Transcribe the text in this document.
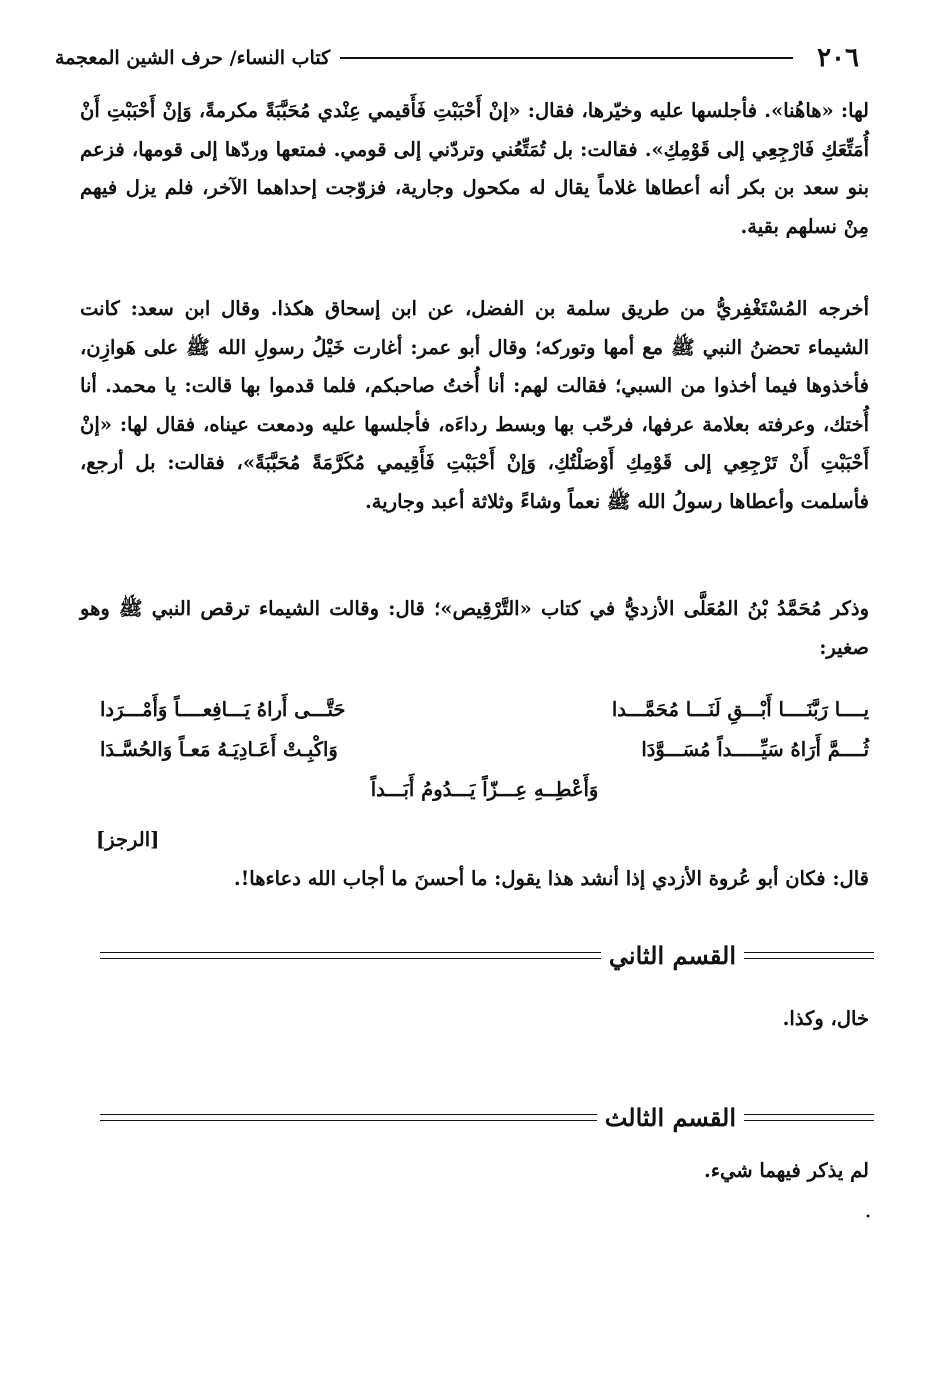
٢٠٦
كتاب النساء/ حرف الشين المعجمة
لها: «هاهُنا». فأجلسها عليه وخيّرها، فقال: «إنْ أَحْبَبْتِ فَأَقيمي عِنْدي مُحَبَّبَةً مكرمةً، وَإنْ أَحْبَبْتِ أَنْ أُمَتِّعَكِ فَارْجِعِي إلى قَوْمِكِ». فقالت: بل تُمَتِّعُني وتردّني إلى قومي. فمتعها وردّها إلى قومها، فزعم بنو سعد بن بكر أنه أعطاها غلاماً يقال له مكحول وجارية، فزوّجت إحداهما الآخر، فلم يزل فيهم مِنْ نسلهم بقية.
أخرجه المُسْتَغْفِريُّ من طريق سلمة بن الفضل، عن ابن إسحاق هكذا. وقال ابن سعد: كانت الشيماء تحضنُ النبي ﷺ مع أمها وتوركه؛ وقال أبو عمر: أغارت خَيْلُ رسولِ الله ﷺ على هَوازِن، فأخذوها فيما أخذوا من السبي؛ فقالت لهم: أنا أُختُ صاحبكم، فلما قدموا بها قالت: يا محمد. أنا أُختك، وعرفته بعلامة عرفها، فرحّب بها وبسط رداءَه، فأجلسها عليه ودمعت عيناه، فقال لها: «إنْ أَحْبَبْتِ أَنْ تَرْجِعِي إلى قَوْمِكِ أَوْصَلْتُكِ، وَإنْ أَحْبَبْتِ فَأَقِيمي مُكَرَّمَةً مُحَبَّبَةً»، فقالت: بل أرجع، فأسلمت وأعطاها رسولُ الله ﷺ نعماً وشاءً وثلاثة أعبد وجارية.
وذكر مُحَمَّدُ بْنُ المُعَلَّى الأزديُّ في كتاب «التَّرْقِيص»؛ قال: وقالت الشيماء ترقص النبي ﷺ وهو صغير:
يــــا رَبَّنَــــا أَبْـــقِ لَنَـــا مُحَمَّـــدا
حَتَّـــى أَراهُ يَـــافِعــــاً وَأَمْـــرَدا
ثُــــمَّ أَرَاهُ سَيِّـــــداً مُسَـــوَّدَا
وَاكْبِـتْ أَعَـادِيَـهُ مَعـاً وَالحُسَّـدَا
وَأَعْطِــهِ عِـــزّاً يَـــدُومُ أَبَـــداً
[الرجز]
قال: فكان أبو عُروة الأزدي إذا أنشد هذا يقول: ما أحسنَ ما أجاب الله دعاءها!.
القسم الثاني
خال، وكذا.
القسم الثالث
لم يذكر فيهما شيء.
•
